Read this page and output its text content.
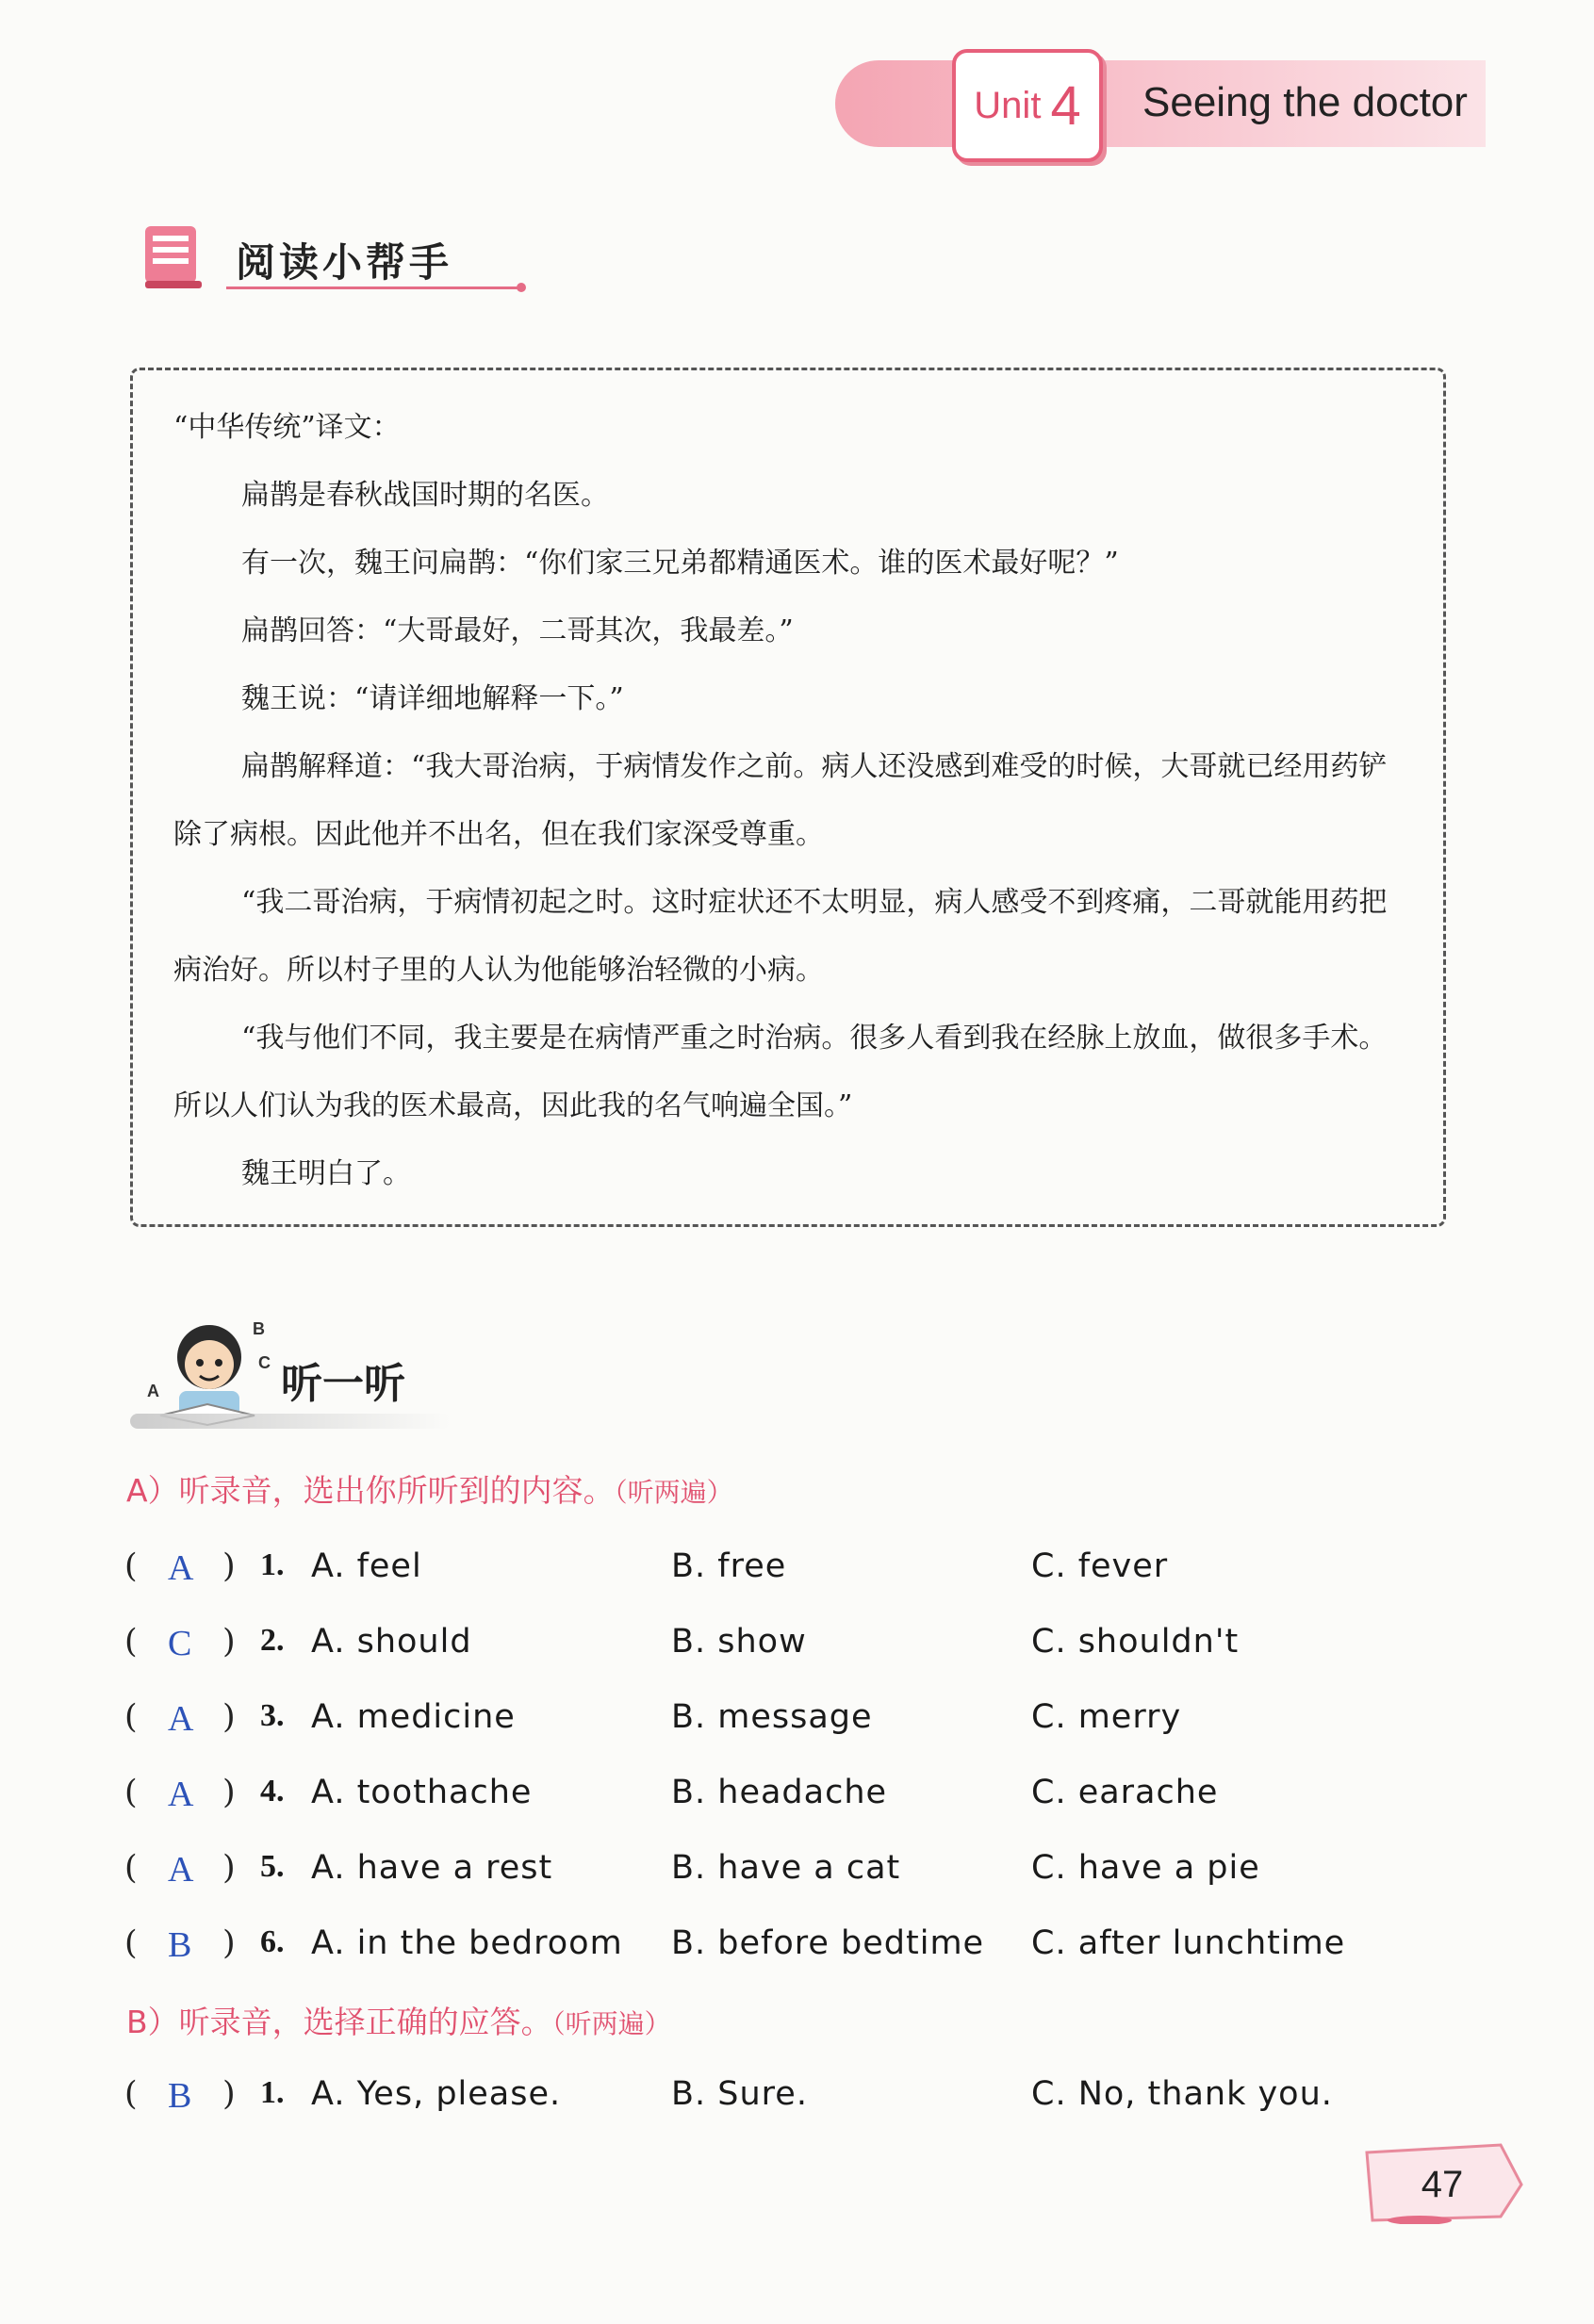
Unit 4 Seeing the doctor
阅读小帮手

“中华传统”译文：

扁鹊是春秋战国时期的名医。

有一次，魏王问扁鹊：“你们家三兄弟都精通医术。谁的医术最好呢？”

扁鹊回答：“大哥最好，二哥其次，我最差。”

魏王说：“请详细地解释一下。”

扁鹊解释道：“我大哥治病，于病情发作之前。病人还没感到难受的时候，大哥就已经用药铲除了病根。因此他并不出名，但在我们家深受尊重。

“我二哥治病，于病情初起之时。这时症状还不太明显，病人感受不到疼痛，二哥就能用药把病治好。所以村子里的人认为他能够治轻微的小病。

“我与他们不同，我主要是在病情严重之时治病。很多人看到我在经脉上放血，做很多手术。所以人们认为我的医术最高，因此我的名气响遍全国。”

魏王明白了。

A
B
C 听一听
A）听录音，选出你所听到的内容。（听两遍）
( A ) 1. A. feel	B. free	C. fever
( C ) 2. A. should	B. show	C. shouldn't
( A ) 3. A. medicine	B. message	C. merry
( A ) 4. A. toothache	B. headache	C. earache
( A ) 5. A. have a rest	B. have a cat	C. have a pie
( B ) 6. A. in the bedroom B. before bedtime C. after lunchtime
B）听录音，选择正确的应答。（听两遍）
( B ) 1. A. Yes, please.	B. Sure.	C. No, thank you.
47
